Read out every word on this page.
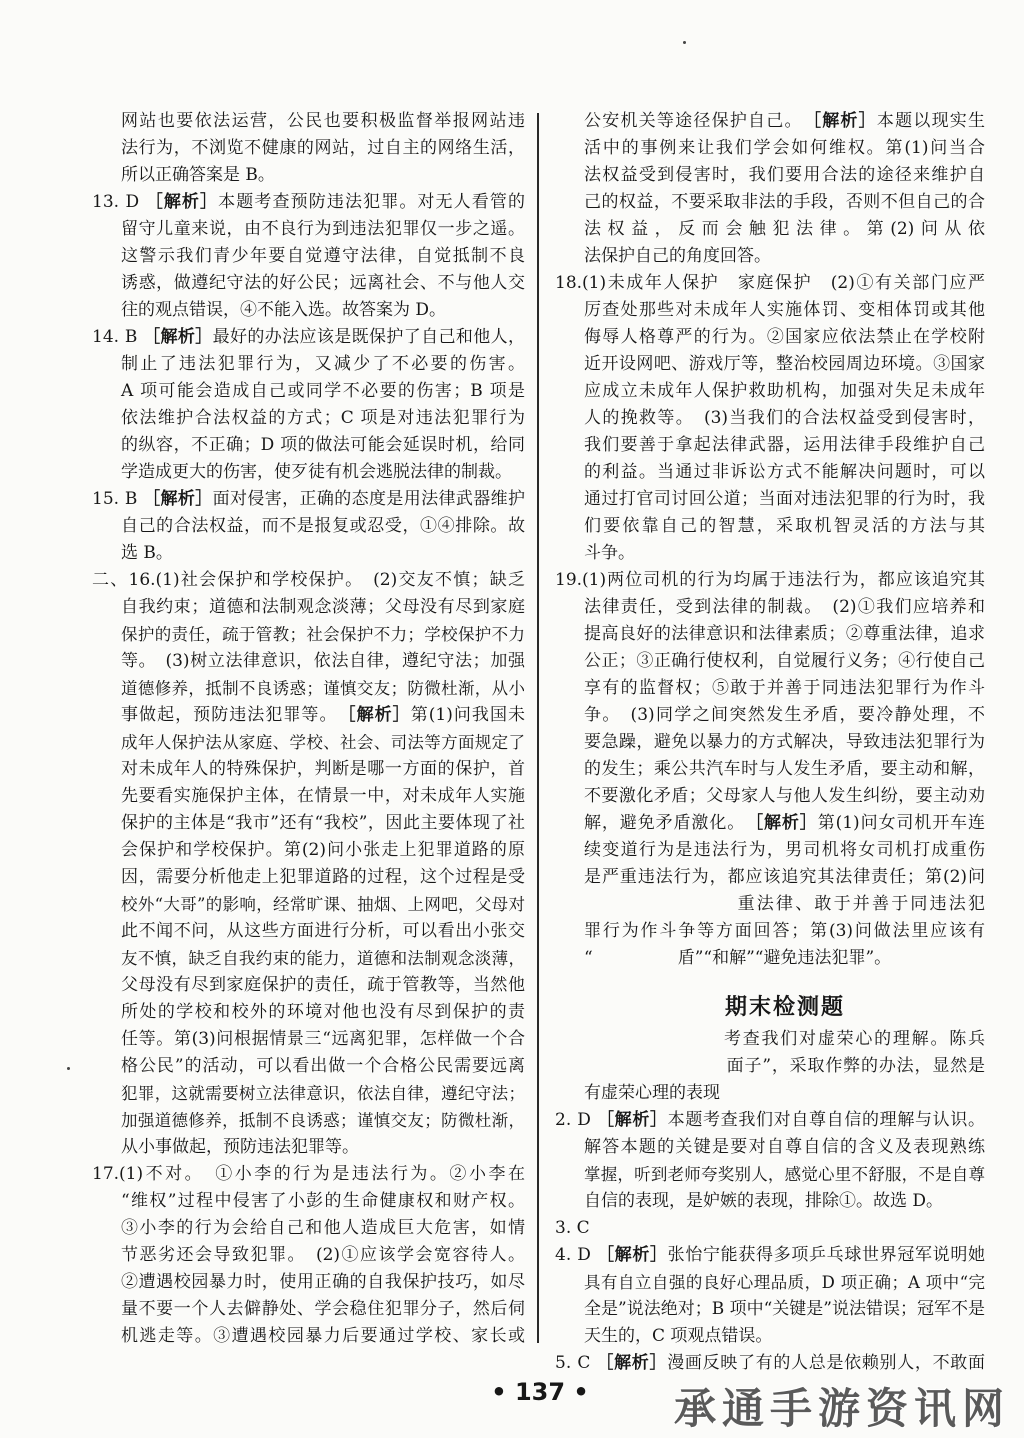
网站也要依法运营，公民也要积极监督举报网站违
法行为，不浏览不健康的网站，过自主的网络生活，
所以正确答案是 B。
13. D ［解析］本题考查预防违法犯罪。对无人看管的
留守儿童来说，由不良行为到违法犯罪仅一步之遥。
这警示我们青少年要自觉遵守法律，自觉抵制不良
诱惑，做遵纪守法的好公民；远离社会、不与他人交
往的观点错误，④不能入选。故答案为 D。
14. B ［解析］最好的办法应该是既保护了自己和他人，
制止了违法犯罪行为，又减少了不必要的伤害。
A 项可能会造成自己或同学不必要的伤害；B 项是
依法维护合法权益的方式；C 项是对违法犯罪行为
的纵容，不正确；D 项的做法可能会延误时机，给同
学造成更大的伤害，使歹徒有机会逃脱法律的制裁。
15. B ［解析］面对侵害，正确的态度是用法律武器维护
自己的合法权益，而不是报复或忍受，①④排除。故
选 B。
二、16.(1)社会保护和学校保护。　(2)交友不慎；缺乏
自我约束；道德和法制观念淡薄；父母没有尽到家庭
保护的责任，疏于管教；社会保护不力；学校保护不力
等。　(3)树立法律意识，依法自律，遵纪守法；加强
道德修养，抵制不良诱惑；谨慎交友；防微杜渐，从小
事做起，预防违法犯罪等。　［解析］第(1)问我国未
成年人保护法从家庭、学校、社会、司法等方面规定了
对未成年人的特殊保护，判断是哪一方面的保护，首
先要看实施保护主体，在情景一中，对未成年人实施
保护的主体是“我市”还有“我校”，因此主要体现了社
会保护和学校保护。第(2)问小张走上犯罪道路的原
因，需要分析他走上犯罪道路的过程，这个过程是受
校外“大哥”的影响，经常旷课、抽烟、上网吧，父母对
此不闻不问，从这些方面进行分析，可以看出小张交
友不慎，缺乏自我约束的能力，道德和法制观念淡薄，
父母没有尽到家庭保护的责任，疏于管教等，当然他
所处的学校和校外的环境对他也没有尽到保护的责
任等。第(3)问根据情景三“远离犯罪，怎样做一个合
格公民”的活动，可以看出做一个合格公民需要远离
犯罪，这就需要树立法律意识，依法自律，遵纪守法；
加强道德修养，抵制不良诱惑；谨慎交友；防微杜渐，
从小事做起，预防违法犯罪等。
17.(1)不对。　①小李的行为是违法行为。②小李在
“维权”过程中侵害了小彭的生命健康权和财产权。
③小李的行为会给自己和他人造成巨大危害，如情
节恶劣还会导致犯罪。　(2)①应该学会宽容待人。
②遭遇校园暴力时，使用正确的自我保护技巧，如尽
量不要一个人去僻静处、学会稳住犯罪分子，然后伺
机逃走等。③遭遇校园暴力后要通过学校、家长或
公安机关等途径保护自己。　［解析］本题以现实生
活中的事例来让我们学会如何维权。第(1)问当合
法权益受到侵害时，我们要用合法的途径来维护自
己的权益，不要采取非法的手段，否则不但自己的合
法权益，反而会触犯法律。第(2)问从依
法保护自己的角度回答。
18.(1)未成年人保护　家庭保护　(2)①有关部门应严
厉查处那些对未成年人实施体罚、变相体罚或其他
侮辱人格尊严的行为。②国家应依法禁止在学校附
近开设网吧、游戏厅等，整治校园周边环境。③国家
应成立未成年人保护救助机构，加强对失足未成年
人的挽救等。　(3)当我们的合法权益受到侵害时，
我们要善于拿起法律武器，运用法律手段维护自己
的利益。当通过非诉讼方式不能解决问题时，可以
通过打官司讨回公道；当面对违法犯罪的行为时，我
们要依靠自己的智慧，采取机智灵活的方法与其
斗争。
19.(1)两位司机的行为均属于违法行为，都应该追究其
法律责任，受到法律的制裁。　(2)①我们应培养和
提高良好的法律意识和法律素质；②尊重法律，追求
公正；③正确行使权利，自觉履行义务；④行使自己
享有的监督权；⑤敢于并善于同违法犯罪行为作斗
争。　(3)同学之间突然发生矛盾，要冷静处理，不
要急躁，避免以暴力的方式解决，导致违法犯罪行为
的发生；乘公共汽车时与人发生矛盾，要主动和解，
不要激化矛盾；父母家人与他人发生纠纷，要主动劝
解，避免矛盾激化。　［解析］第(1)问女司机开车连
续变道行为是违法行为，男司机将女司机打成重伤
是严重违法行为，都应该追究其法律责任；第(2)问
　　　　　　　　重法律、敢于并善于同违法犯
罪行为作斗争等方面回答；第(3)问做法里应该有
“　　　　　盾”“和解”“避免违法犯罪”。
期末检测题
　　　　　　　　　考查我们对虚荣心的理解。陈兵
　　　　　　　　面子”，采取作弊的办法，显然是
有虚荣心理的表现
2. D ［解析］本题考查我们对自尊自信的理解与认识。
解答本题的关键是要对自尊自信的含义及表现熟练
掌握，听到老师夸奖别人，感觉心里不舒服，不是自尊
自信的表现，是妒嫉的表现，排除①。故选 D。
3. C
4. D ［解析］张怡宁能获得多项乒乓球世界冠军说明她
具有自立自强的良好心理品质，D 项正确；A 项中“完
全是”说法绝对；B 项中“关键是”说法错误；冠军不是
天生的，C 项观点错误。
5. C ［解析］漫画反映了有的人总是依赖别人，不敢面
• 137 •	承通手游资讯网
